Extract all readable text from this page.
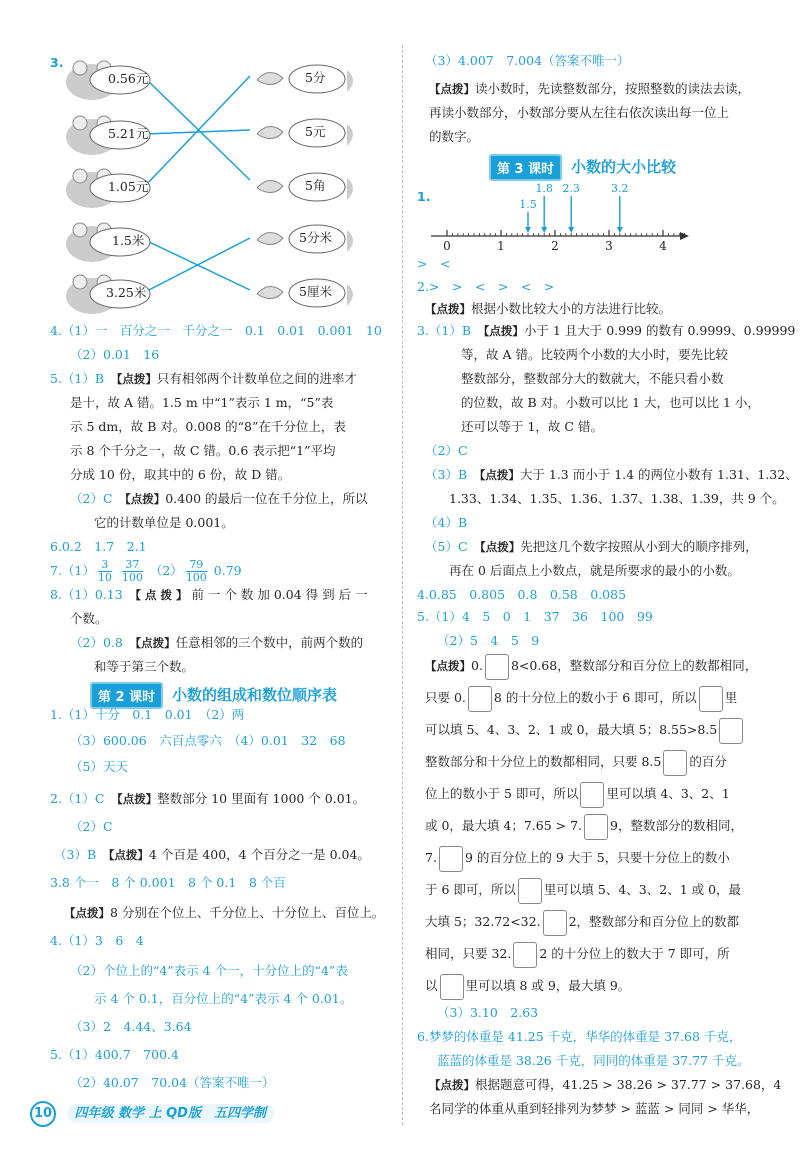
3.
0.56元
5.21元
1.05元
1.5米
3.25米
5分
5元
5角
5分米
5厘米
4.（1）一　百分之一　千分之一　0.1　0.01　0.001　10
（2）0.01　16
5.（1）B　 【点拨】只有相邻两个计数单位之间的进率才
是十，故 A 错。1.5 m 中“1”表示 1 m，“5”表
示 5 dm，故 B 对。0.008 的“8”在千分位上，表
示 8 个千分之一，故 C 错。0.6 表示把“1”平均
分成 10 份，取其中的 6 份，故 D 错。
（2）C　 【点拨】0.400 的最后一位在千分位上，所以
它的计数单位是 0.001。
6.0.2　1.7　2.1
$7.(1) \frac{3}{10}$
$\frac{37}{100} (2) \frac{79}{100} 0.79$
8.（1）0.13　 【 点 拨 】 前 一 个 数 加 0.04 得 到 后 一
个数。
（2）0.8　 【点拨】任意相邻的三个数中，前两个数的
和等于第三个数。
第 2 课时	小数的组成和数位顺序表
1.（1）十分　0.1　0.01　（2）两
（3）600.06　六百点零六　（4）0.01　32　68
（5）天天
2.（1）C　 【点拨】整数部分 10 里面有 1000 个 0.01。
（2）C
（3）B　 【点拨】4 个百是 400，4 个百分之一是 0.04。
3.8 个一　8 个 0.001　8 个 0.1　8 个百
【点拨】8 分别在个位上、千分位上、十分位上、百位上。
4.（1）3　6　4
（2）个位上的“4”表示 4 个一，十分位上的“4”表
示 4 个 0.1，百分位上的“4”表示 4 个 0.01。
（3）2　4.44、3.64
5.（1）400.7　700.4
（2）40.07　70.04（答案不唯一）
（3）4.007　7.004（答案不唯一）
【点拨】读小数时，先读整数部分，按照整数的读法去读，
再读小数部分，小数部分要从左往右依次读出每一位上
的数字。
第 3 课时	小数的大小比较
1.
0	1	2	3	4
1.5
1.8 2.3	3.2
>　<
2.>　>　<　>　<　>
【点拨】根据小数比较大小的方法进行比较。
3.（1）B　 【点拨】小于 1 且大于 0.999 的数有 0.9999、0.99999
等，故 A 错。比较两个小数的大小时，要先比较
整数部分，整数部分大的数就大，不能只看小数
的位数，故 B 对。小数可以比 1 大，也可以比 1 小，
还可以等于 1，故 C 错。
（2）C
（3）B　 【点拨】大于 1.3 而小于 1.4 的两位小数有 1.31、1.32、
1.33、1.34、1.35、1.36、1.37、1.38、1.39，共 9 个。
（4）B
（5）C　 【点拨】先把这几个数字按照从小到大的顺序排列，
再在 0 后面点上小数点，就是所要求的最小的小数。
4.0.85　0.805　0.8　0.58　0.085
5.（1）4　5　0　1　37　36　100　99
（2）5　4　5　9
【点拨】0. 8<0.68，整数部分和百分位上的数都相同，
只要 0. 8 的十分位上的数小于 6 即可，所以 里
可以填 5、4、3、2、1 或 0，最大填 5；8.55>8.5
整数部分和十分位上的数都相同，只要 8.5 的百分
位上的数小于 5 即可，所以 里可以填 4、3、2、1
或 0，最大填 4；7.65 > 7. 9，整数部分的数相同，
7. 9 的百分位上的 9 大于 5，只要十分位上的数小
于 6 即可，所以 里可以填 5、4、3、2、1 或 0，最
大填 5；32.72<32. 2，整数部分和百分位上的数都
相同，只要 32. 2 的十分位上的数大于 7 即可，所
以 里可以填 8 或 9，最大填 9。
（3）3.10　2.63
6.梦梦的体重是 41.25 千克，华华的体重是 37.68 千克，
蓝蓝的体重是 38.26 千克，同同的体重是 37.77 千克。
【点拨】根据题意可得，41.25 > 38.26 > 37.77 > 37.68，4
名同学的体重从重到轻排列为梦梦 > 蓝蓝 > 同同 > 华华，
10 四年级 数学 上 QD版　五四学制
